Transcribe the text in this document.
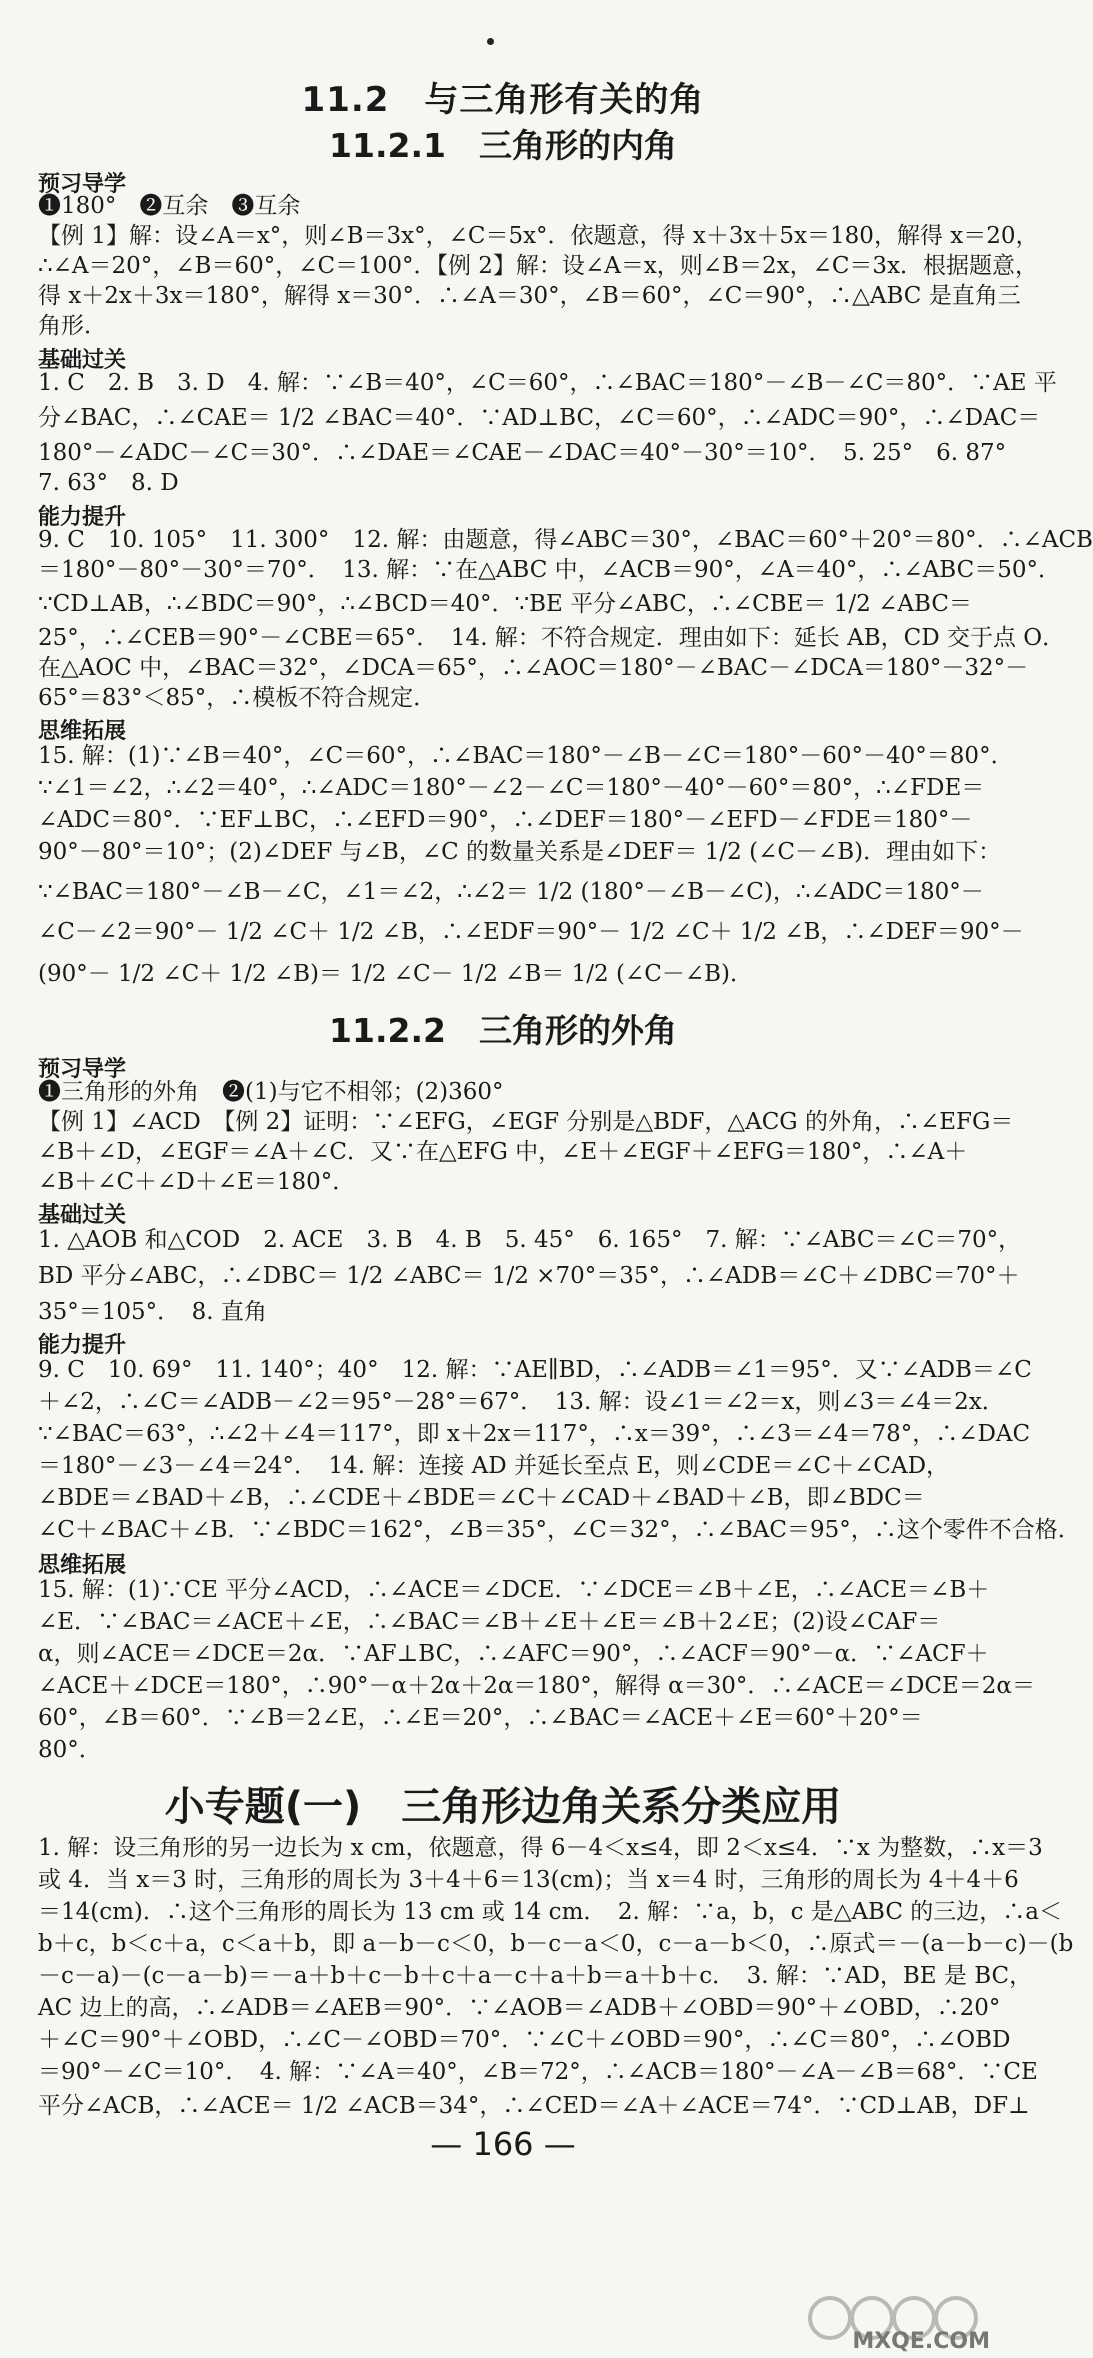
11.2　与三角形有关的角
11.2.1　三角形的内角
预习导学
❶180°　❷互余　❸互余
【例 1】解：设∠A＝x°，则∠B＝3x°，∠C＝5x°．依题意，得 x＋3x＋5x＝180，解得 x＝20，
∴∠A＝20°，∠B＝60°，∠C＝100°．【例 2】解：设∠A＝x，则∠B＝2x，∠C＝3x．根据题意，
得 x＋2x＋3x＝180°，解得 x＝30°．∴∠A＝30°，∠B＝60°，∠C＝90°，∴△ABC 是直角三
角形．
基础过关
1. C　2. B　3. D　4. 解：∵∠B＝40°，∠C＝60°，∴∠BAC＝180°－∠B－∠C＝80°．∵AE 平
分∠BAC，∴∠CAE＝ 1/2 ∠BAC＝40°．∵AD⊥BC，∠C＝60°，∴∠ADC＝90°，∴∠DAC＝
180°－∠ADC－∠C＝30°．∴∠DAE＝∠CAE－∠DAC＝40°－30°＝10°．　5. 25°　6. 87°
7. 63°　8. D
能力提升
9. C　10. 105°　11. 300°　12. 解：由题意，得∠ABC＝30°，∠BAC＝60°＋20°＝80°．∴∠ACB
＝180°－80°－30°＝70°．　13. 解：∵在△ABC 中，∠ACB＝90°，∠A＝40°，∴∠ABC＝50°．
∵CD⊥AB，∴∠BDC＝90°，∴∠BCD＝40°．∵BE 平分∠ABC，∴∠CBE＝ 1/2 ∠ABC＝
25°，∴∠CEB＝90°－∠CBE＝65°．　14. 解：不符合规定．理由如下：延长 AB，CD 交于点 O．
在△AOC 中，∠BAC＝32°，∠DCA＝65°，∴∠AOC＝180°－∠BAC－∠DCA＝180°－32°－
65°＝83°＜85°，∴模板不符合规定．
思维拓展
15. 解：(1)∵∠B＝40°，∠C＝60°，∴∠BAC＝180°－∠B－∠C＝180°－60°－40°＝80°．
∵∠1＝∠2，∴∠2＝40°，∴∠ADC＝180°－∠2－∠C＝180°－40°－60°＝80°，∴∠FDE＝
∠ADC＝80°．∵EF⊥BC，∴∠EFD＝90°，∴∠DEF＝180°－∠EFD－∠FDE＝180°－
90°－80°＝10°；(2)∠DEF 与∠B，∠C 的数量关系是∠DEF＝ 1/2 (∠C－∠B)．理由如下：
∵∠BAC＝180°－∠B－∠C，∠1＝∠2，∴∠2＝ 1/2 (180°－∠B－∠C)，∴∠ADC＝180°－
∠C－∠2＝90°－ 1/2 ∠C＋ 1/2 ∠B，∴∠EDF＝90°－ 1/2 ∠C＋ 1/2 ∠B，∴∠DEF＝90°－
(90°－ 1/2 ∠C＋ 1/2 ∠B)＝ 1/2 ∠C－ 1/2 ∠B＝ 1/2 (∠C－∠B)．
11.2.2　三角形的外角
预习导学
❶三角形的外角　❷(1)与它不相邻；(2)360°
【例 1】∠ACD　【例 2】证明：∵∠EFG，∠EGF 分别是△BDF，△ACG 的外角，∴∠EFG＝
∠B＋∠D，∠EGF＝∠A＋∠C．又∵在△EFG 中，∠E＋∠EGF＋∠EFG＝180°，∴∠A＋
∠B＋∠C＋∠D＋∠E＝180°．
基础过关
1. △AOB 和△COD　2. ACE　3. B　4. B　5. 45°　6. 165°　7. 解：∵∠ABC＝∠C＝70°，
BD 平分∠ABC，∴∠DBC＝ 1/2 ∠ABC＝ 1/2 ×70°＝35°，∴∠ADB＝∠C＋∠DBC＝70°＋
35°＝105°．　8. 直角
能力提升
9. C　10. 69°　11. 140°；40°　12. 解：∵AE∥BD，∴∠ADB＝∠1＝95°．又∵∠ADB＝∠C
＋∠2，∴∠C＝∠ADB－∠2＝95°－28°＝67°．　13. 解：设∠1＝∠2＝x，则∠3＝∠4＝2x．
∵∠BAC＝63°，∴∠2＋∠4＝117°，即 x＋2x＝117°，∴x＝39°，∴∠3＝∠4＝78°，∴∠DAC
＝180°－∠3－∠4＝24°．　14. 解：连接 AD 并延长至点 E，则∠CDE＝∠C＋∠CAD，
∠BDE＝∠BAD＋∠B，∴∠CDE＋∠BDE＝∠C＋∠CAD＋∠BAD＋∠B，即∠BDC＝
∠C＋∠BAC＋∠B．∵∠BDC＝162°，∠B＝35°，∠C＝32°，∴∠BAC＝95°，∴这个零件不合格．
思维拓展
15. 解：(1)∵CE 平分∠ACD，∴∠ACE＝∠DCE．∵∠DCE＝∠B＋∠E，∴∠ACE＝∠B＋
∠E．∵∠BAC＝∠ACE＋∠E，∴∠BAC＝∠B＋∠E＋∠E＝∠B＋2∠E；(2)设∠CAF＝
α，则∠ACE＝∠DCE＝2α．∵AF⊥BC，∴∠AFC＝90°，∴∠ACF＝90°－α．∵∠ACF＋
∠ACE＋∠DCE＝180°，∴90°－α＋2α＋2α＝180°，解得 α＝30°．∴∠ACE＝∠DCE＝2α＝
60°，∠B＝60°．∵∠B＝2∠E，∴∠E＝20°，∴∠BAC＝∠ACE＋∠E＝60°＋20°＝
80°．
小专题(一)　三角形边角关系分类应用
1. 解：设三角形的另一边长为 x cm，依题意，得 6－4＜x≤4，即 2＜x≤4．∵x 为整数，∴x＝3
或 4．当 x＝3 时，三角形的周长为 3＋4＋6＝13(cm)；当 x＝4 时，三角形的周长为 4＋4＋6
＝14(cm)．∴这个三角形的周长为 13 cm 或 14 cm．　2. 解：∵a，b，c 是△ABC 的三边，∴a＜
b＋c，b＜c＋a，c＜a＋b，即 a－b－c＜0，b－c－a＜0，c－a－b＜0，∴原式＝－(a－b－c)－(b
－c－a)－(c－a－b)＝－a＋b＋c－b＋c＋a－c＋a＋b＝a＋b＋c．　3. 解：∵AD，BE 是 BC，
AC 边上的高，∴∠ADB＝∠AEB＝90°．∵∠AOB＝∠ADB＋∠OBD＝90°＋∠OBD，∴20°
＋∠C＝90°＋∠OBD，∴∠C－∠OBD＝70°．∵∠C＋∠OBD＝90°，∴∠C＝80°，∴∠OBD
＝90°－∠C＝10°．　4. 解：∵∠A＝40°，∠B＝72°，∴∠ACB＝180°－∠A－∠B＝68°．∵CE
平分∠ACB，∴∠ACE＝ 1/2 ∠ACB＝34°，∴∠CED＝∠A＋∠ACE＝74°．∵CD⊥AB，DF⊥
— 166 —
MXQE.COM
